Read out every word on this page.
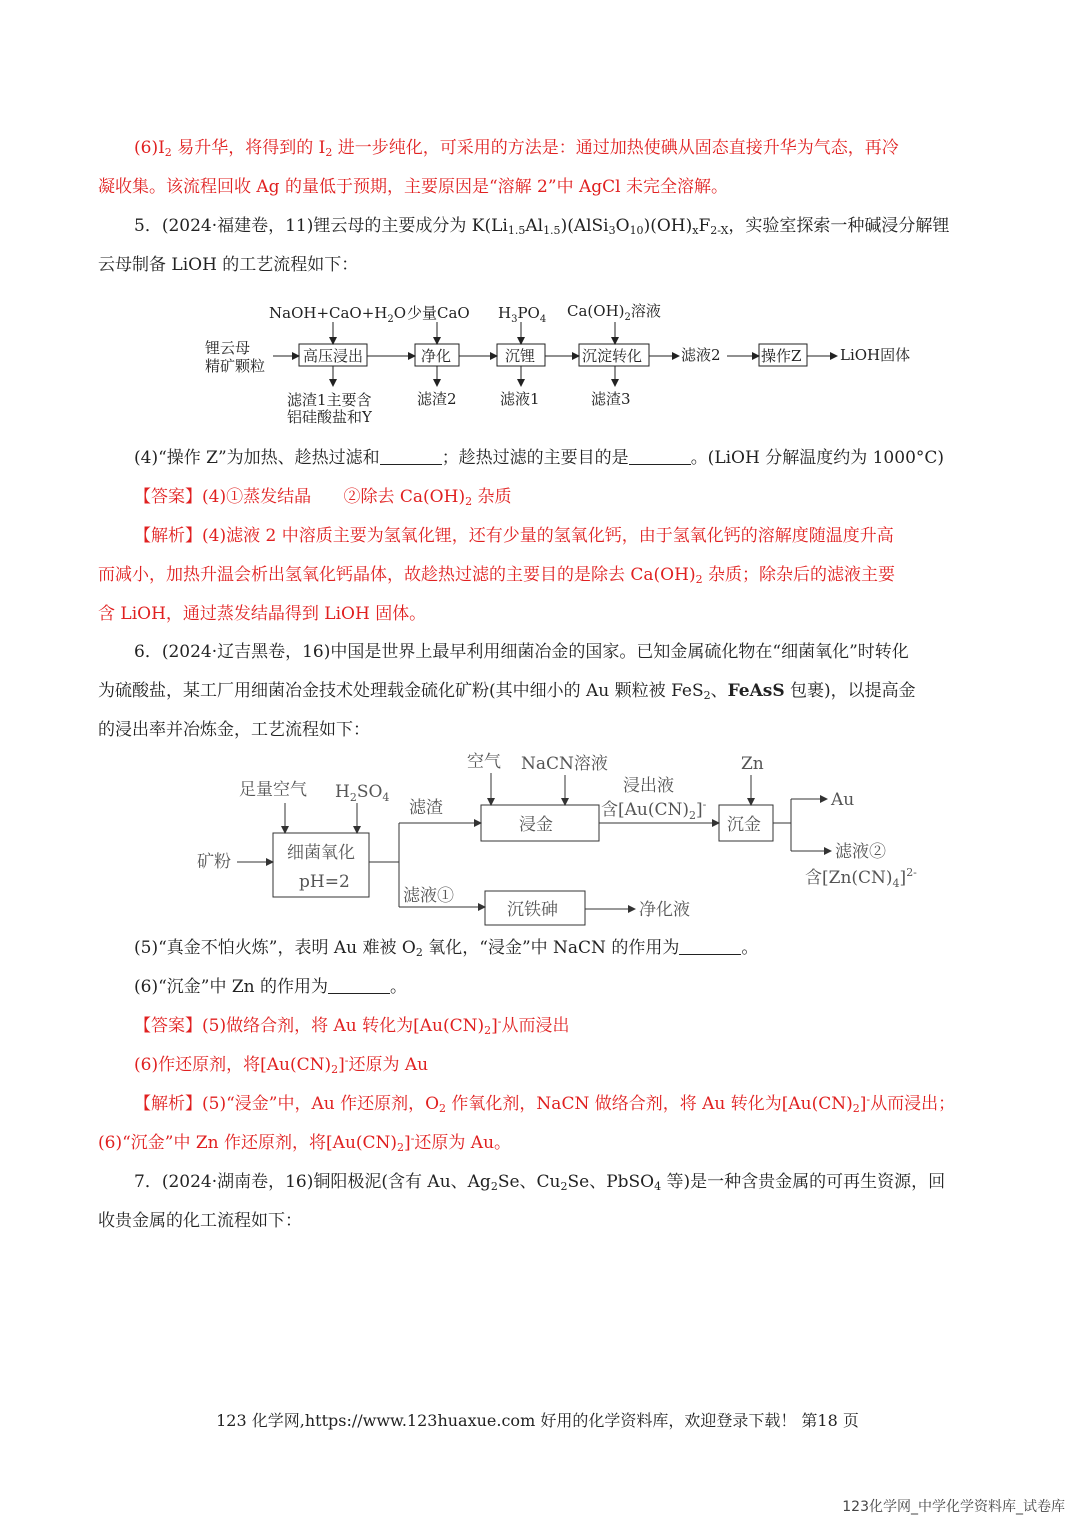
$(6)I_2$ 易升华，将得到的 $I_2$ 进一步纯化，可采用的方法是：通过加热使碘从固态直接升华为气态，再冷
凝收集。该流程回收 Ag 的量低于预期，主要原因是“溶解 2”中 AgCl 未完全溶解。
5．(2024·福建卷，11)锂云母的主要成分为 $K(Li_{1.5}Al_{1.5})(AlSi_3O_{10})(OH)_xF_{2-X}$，实验室探索一种碱浸分解锂
云母制备 LiOH 的工艺流程如下：
锂云母
精矿颗粒
高压浸出
$NaOH+CaO+H_2O$
滤渣1主要含
铝硅酸盐和Y
净化
少量CaO
滤渣2
沉锂
$H_3PO_4$
滤液1
沉淀转化
$Ca(OH)_2$溶液
滤渣3
滤液2	操作Z	LiOH固体
(4)“操作 Z”为加热、趁热过滤和	；趁热过滤的主要目的是	。(LiOH 分解温度约为 1000°C)
【答案】(4)①蒸发结晶      ②除去 $Ca(OH)_2$ 杂质
【解析】(4)滤液 2 中溶质主要为氢氧化锂，还有少量的氢氧化钙，由于氢氧化钙的溶解度随温度升高
而减小，加热升温会析出氢氧化钙晶体，故趁热过滤的主要目的是除去 $Ca(OH)_2$ 杂质；除杂后的滤液主要
含 LiOH，通过蒸发结晶得到 LiOH 固体。
6．(2024·辽吉黑卷，16)中国是世界上最早利用细菌冶金的国家。已知金属硫化物在“细菌氧化”时转化
为硫酸盐，某工厂用细菌冶金技术处理载金硫化矿粉(其中细小的 Au 颗粒被 FeS$_2$、FeAsS 包裹)，以提高金
的浸出率并冶炼金，工艺流程如下：
矿粉	细菌氧化
pH=2
足量空气 $H_2SO_4$
滤渣
滤液①
浸金
空气 NaCN溶液
浸出液
含$[Au(CN)_2]^-$
沉金
Zn
Au
滤液②
含$[Zn(CN)_4]^{2-}$
沉铁砷	净化液
(5)“真金不怕火炼”，表明 Au 难被 $O_2$ 氧化，“浸金”中 NaCN 的作用为	。
(6)“沉金”中 Zn 的作用为	。
【答案】(5)做络合剂，将 Au 转化为$[Au(CN)_2]^-$从而浸出
(6)作还原剂，将$[Au(CN)_2]^-$还原为 Au
【解析】(5)“浸金”中，Au 作还原剂，$O_2$ 作氧化剂，NaCN 做络合剂，将 Au 转化为$[Au(CN)_2]^-$从而浸出；
(6)“沉金”中 Zn 作还原剂，将$[Au(CN)_2]^-$还原为 Au。
7．(2024·湖南卷，16)铜阳极泥(含有 Au、$Ag_2Se$、$Cu_2Se$、PbSO$_4$ 等)是一种含贵金属的可再生资源，回
收贵金属的化工流程如下：
123 化学网,https://www.123huaxue.com 好用的化学资料库，欢迎登录下载！ 第18 页
123化学网_中学化学资料库_试卷库
